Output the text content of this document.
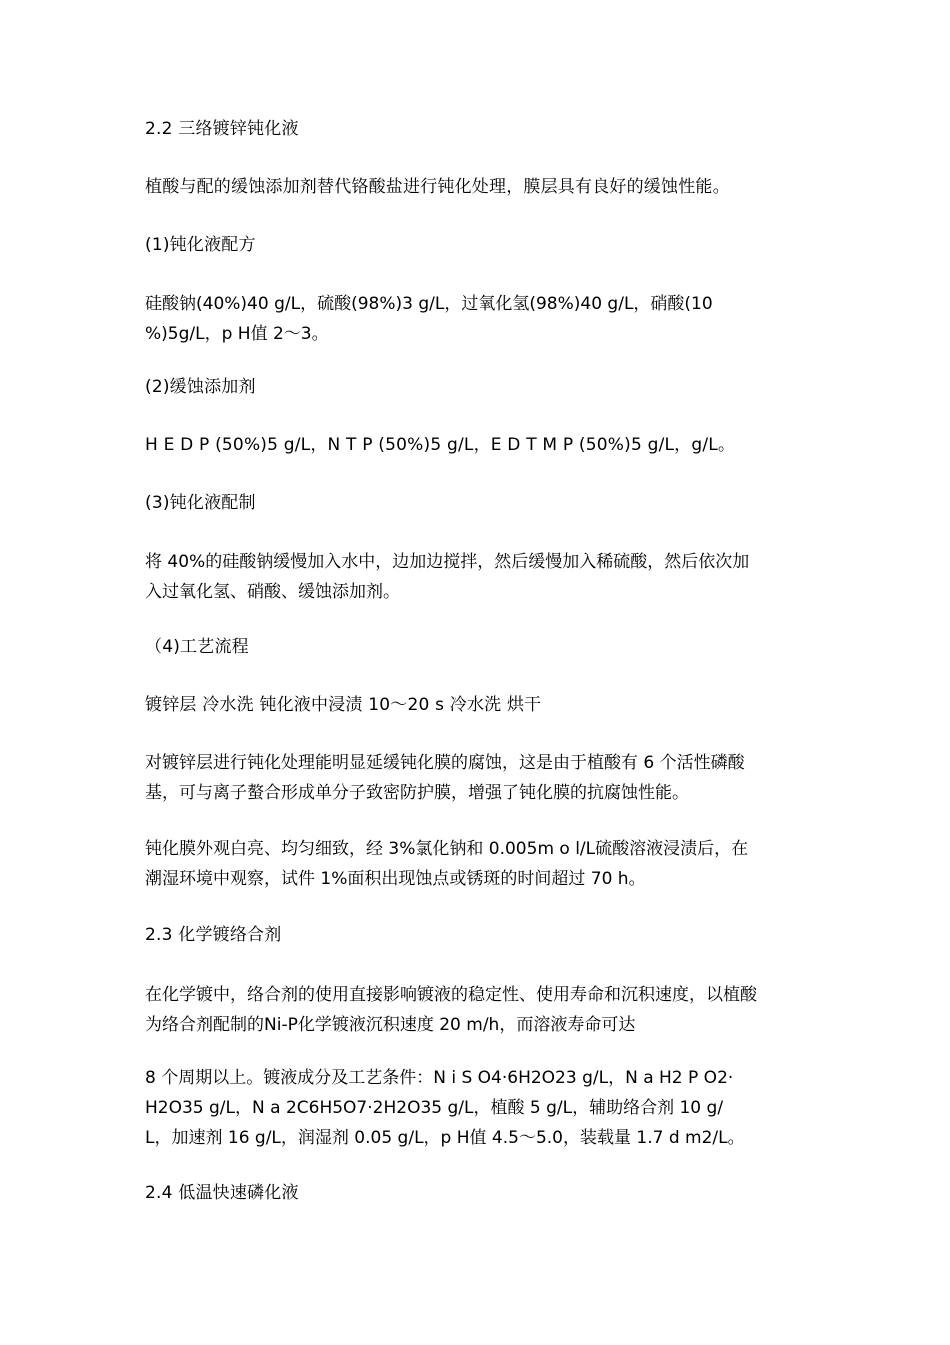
2.2 三络镀锌钝化液
植酸与配的缓蚀添加剂替代铬酸盐进行钝化处理，膜层具有良好的缓蚀性能。
(1)钝化液配方
硅酸钠(40%)40 g/L，硫酸(98%)3 g/L，过氧化氢(98%)40 g/L，硝酸(10
%)5g/L，p H值 2～3。
(2)缓蚀添加剂
H E D P (50%)5 g/L，N T P (50%)5 g/L，E D T M P (50%)5 g/L，g/L。
(3)钝化液配制
将 40%的硅酸钠缓慢加入水中，边加边搅拌，然后缓慢加入稀硫酸，然后依次加
入过氧化氢、硝酸、缓蚀添加剂。
（4)工艺流程
镀锌层 冷水洗 钝化液中浸渍 10～20 s 冷水洗 烘干
对镀锌层进行钝化处理能明显延缓钝化膜的腐蚀，这是由于植酸有 6 个活性磷酸
基，可与离子螯合形成单分子致密防护膜，增强了钝化膜的抗腐蚀性能。
钝化膜外观白亮、均匀细致，经 3%氯化钠和 0.005m o l/L硫酸溶液浸渍后，在
潮湿环境中观察，试件 1%面积出现蚀点或锈斑的时间超过 70 h。
2.3 化学镀络合剂
在化学镀中，络合剂的使用直接影响镀液的稳定性、使用寿命和沉积速度，以植酸
为络合剂配制的Ni-P化学镀液沉积速度 20 m/h，而溶液寿命可达
8 个周期以上。镀液成分及工艺条件：N i S O4·6H2O23 g/L，N a H2 P O2·
H2O35 g/L，N a 2C6H5O7·2H2O35 g/L，植酸 5 g/L，辅助络合剂 10 g/
L，加速剂 16 g/L，润湿剂 0.05 g/L，p H值 4.5～5.0，装载量 1.7 d m2/L。
2.4 低温快速磷化液
